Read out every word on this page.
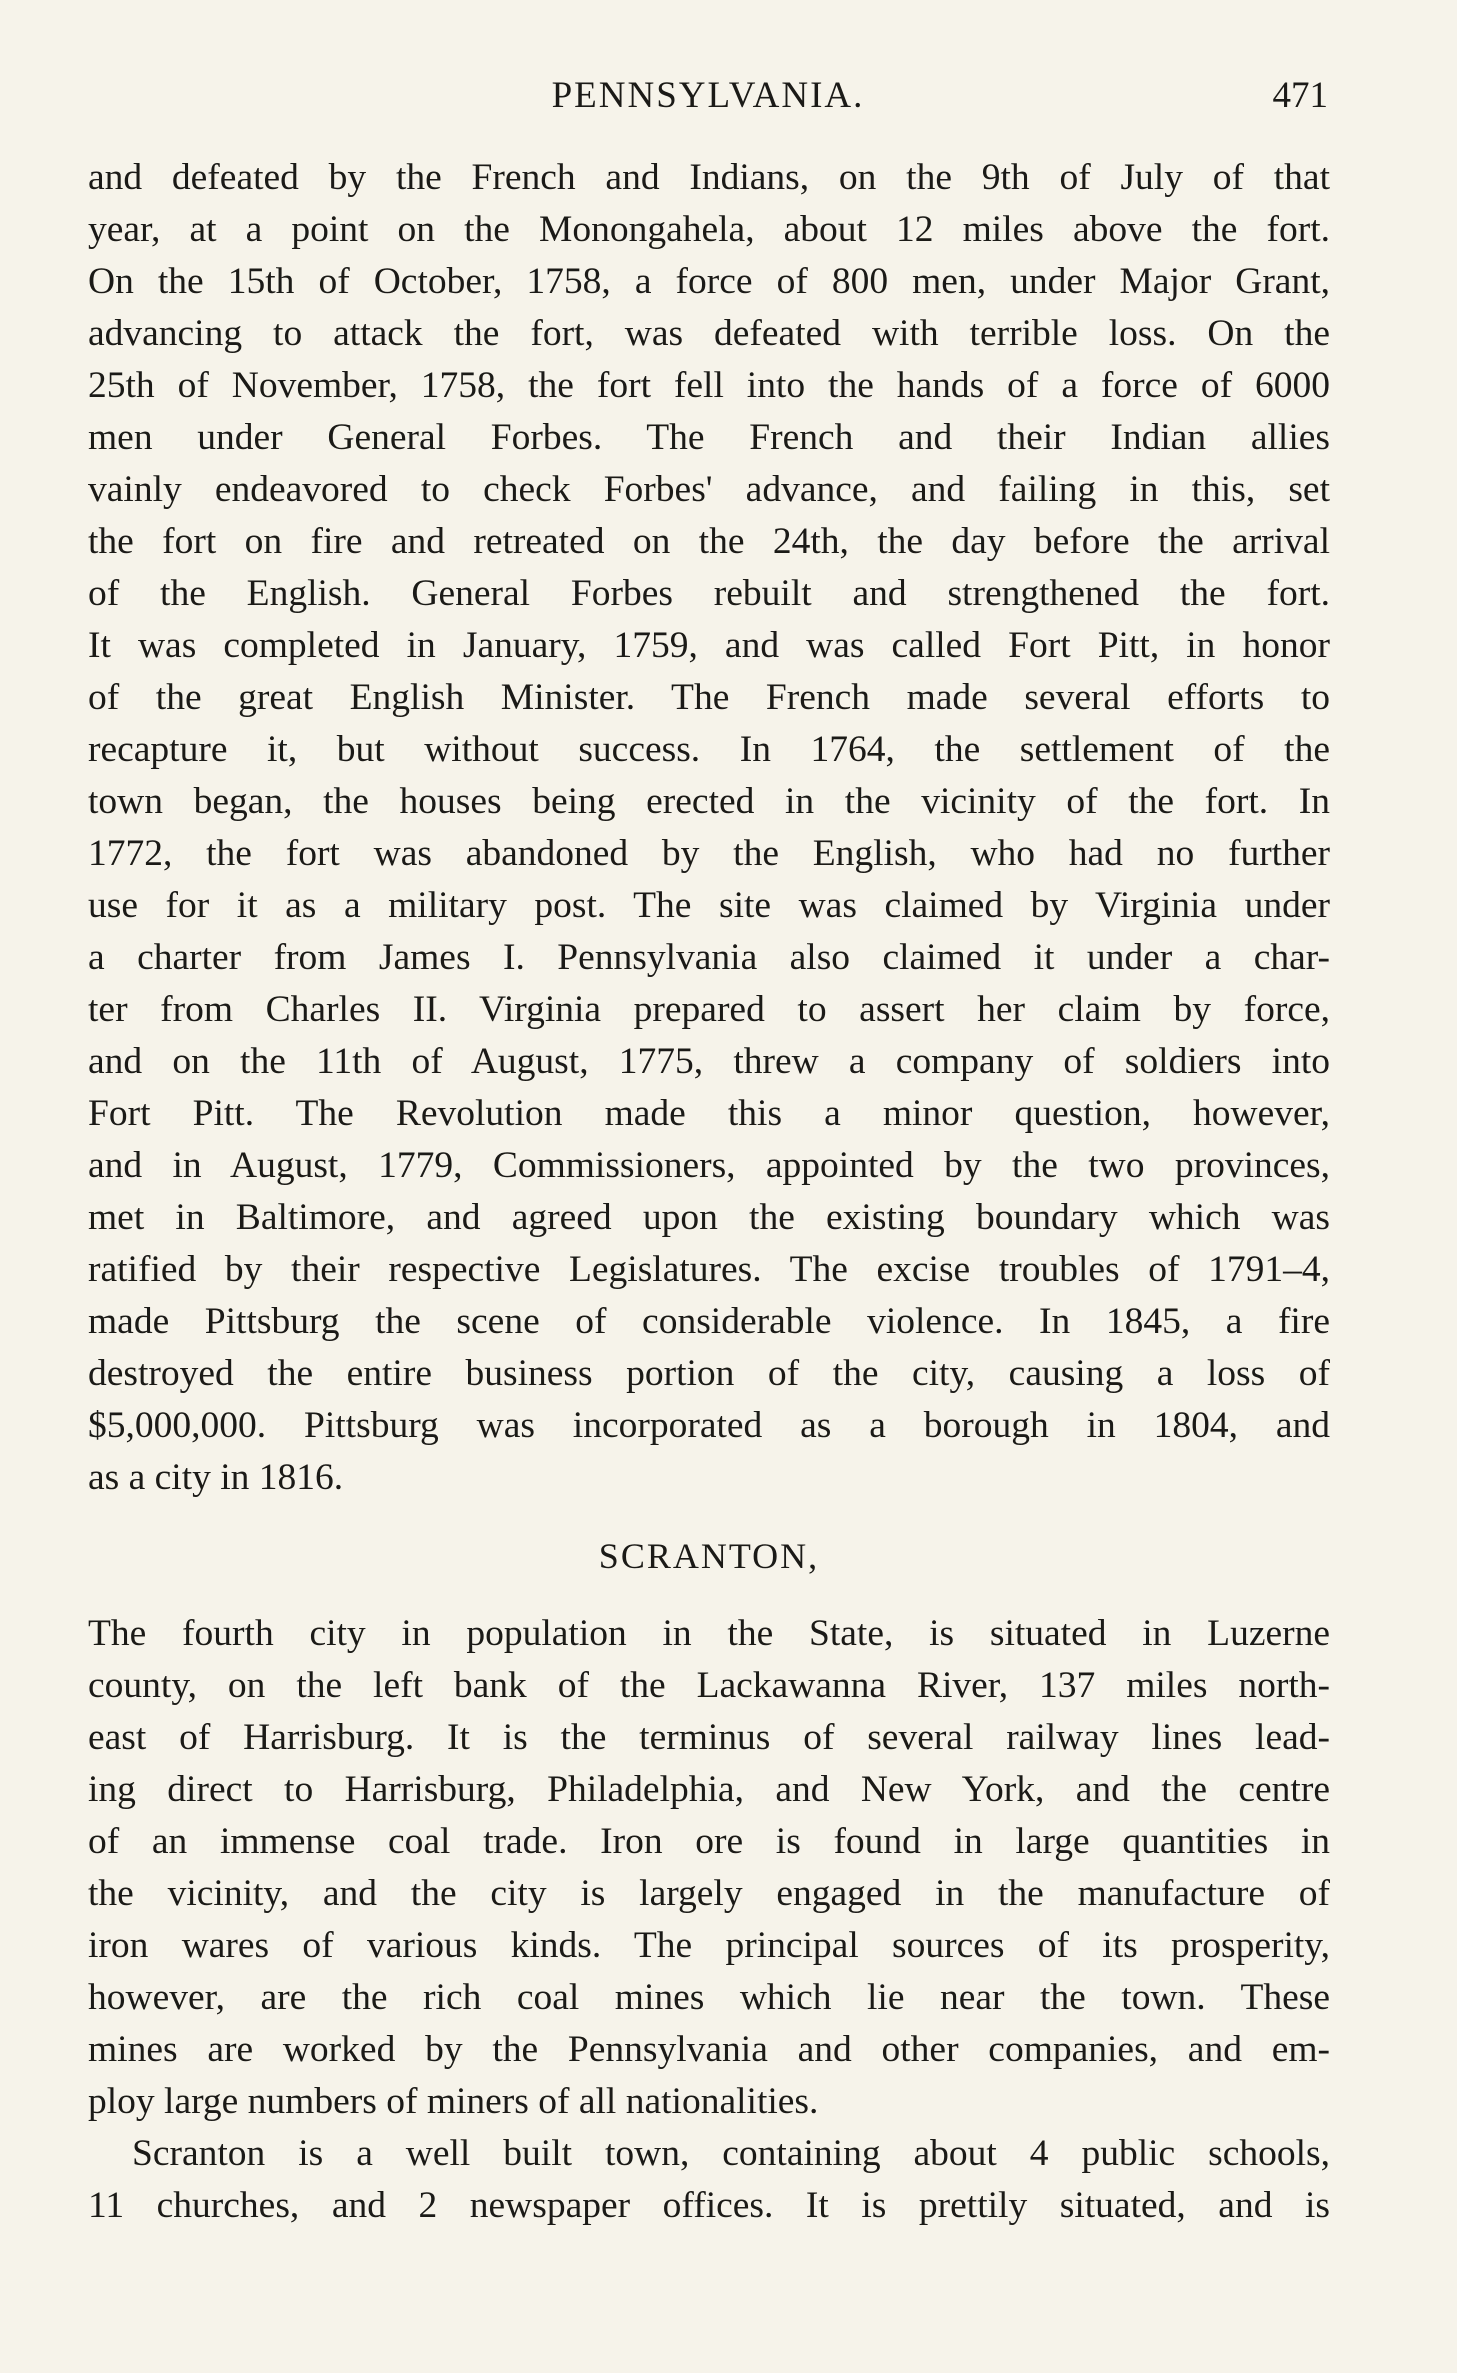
PENNSYLVANIA.	471
and defeated by the French and Indians, on the 9th of July of that
year, at a point on the Monongahela, about 12 miles above the fort.
On the 15th of October, 1758, a force of 800 men, under Major Grant,
advancing to attack the fort, was defeated with terrible loss. On the
25th of November, 1758, the fort fell into the hands of a force of 6000
men under General Forbes. The French and their Indian allies
vainly endeavored to check Forbes' advance, and failing in this, set
the fort on fire and retreated on the 24th, the day before the arrival
of the English. General Forbes rebuilt and strengthened the fort.
It was completed in January, 1759, and was called Fort Pitt, in honor
of the great English Minister. The French made several efforts to
recapture it, but without success. In 1764, the settlement of the
town began, the houses being erected in the vicinity of the fort. In
1772, the fort was abandoned by the English, who had no further
use for it as a military post. The site was claimed by Virginia under
a charter from James I. Pennsylvania also claimed it under a char-
ter from Charles II. Virginia prepared to assert her claim by force,
and on the 11th of August, 1775, threw a company of soldiers into
Fort Pitt. The Revolution made this a minor question, however,
and in August, 1779, Commissioners, appointed by the two provinces,
met in Baltimore, and agreed upon the existing boundary which was
ratified by their respective Legislatures. The excise troubles of 1791–4,
made Pittsburg the scene of considerable violence. In 1845, a fire
destroyed the entire business portion of the city, causing a loss of
$5,000,000. Pittsburg was incorporated as a borough in 1804, and
as a city in 1816.
SCRANTON,
The fourth city in population in the State, is situated in Luzerne
county, on the left bank of the Lackawanna River, 137 miles north-
east of Harrisburg. It is the terminus of several railway lines lead-
ing direct to Harrisburg, Philadelphia, and New York, and the centre
of an immense coal trade. Iron ore is found in large quantities in
the vicinity, and the city is largely engaged in the manufacture of
iron wares of various kinds. The principal sources of its prosperity,
however, are the rich coal mines which lie near the town. These
mines are worked by the Pennsylvania and other companies, and em-
ploy large numbers of miners of all nationalities.
Scranton is a well built town, containing about 4 public schools,
11 churches, and 2 newspaper offices. It is prettily situated, and is
